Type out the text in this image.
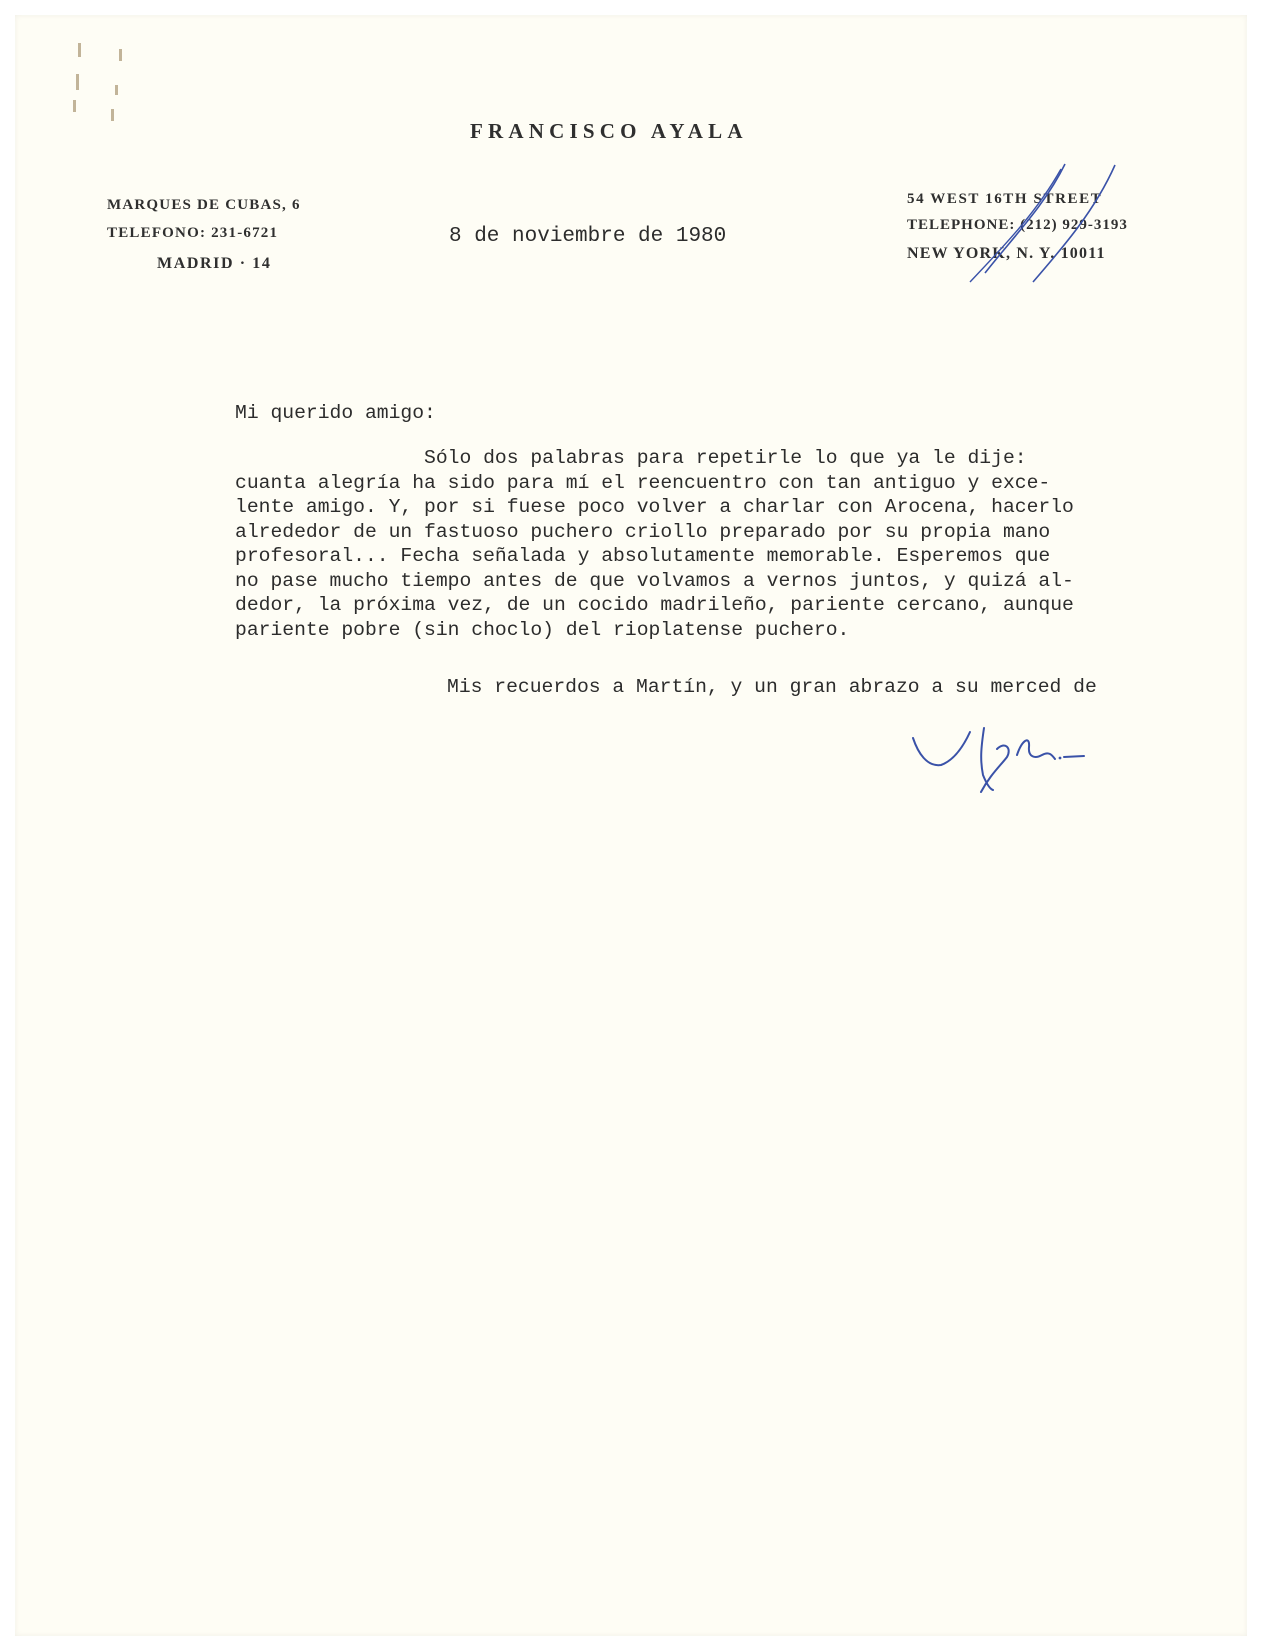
FRANCISCO AYALA
MARQUES DE CUBAS, 6
TELEFONO: 231-6721
MADRID · 14
54 WEST 16TH STREET
TELEPHONE: (212) 929-3193
NEW YORK, N. Y. 10011
8 de noviembre de 1980
Mi querido amigo:
Sólo dos palabras para repetirle lo que ya le dije:
cuanta alegría ha sido para mí el reencuentro con tan antiguo y exce-
lente amigo. Y, por si fuese poco volver a charlar con Arocena, hacerlo
alrededor de un fastuoso puchero criollo preparado por su propia mano
profesoral... Fecha señalada y absolutamente memorable. Esperemos que
no pase mucho tiempo antes de que volvamos a vernos juntos, y quizá al-
dedor, la próxima vez, de un cocido madrileño, pariente cercano, aunque
pariente pobre (sin choclo) del rioplatense puchero.
Mis recuerdos a Martín, y un gran abrazo a su merced de
